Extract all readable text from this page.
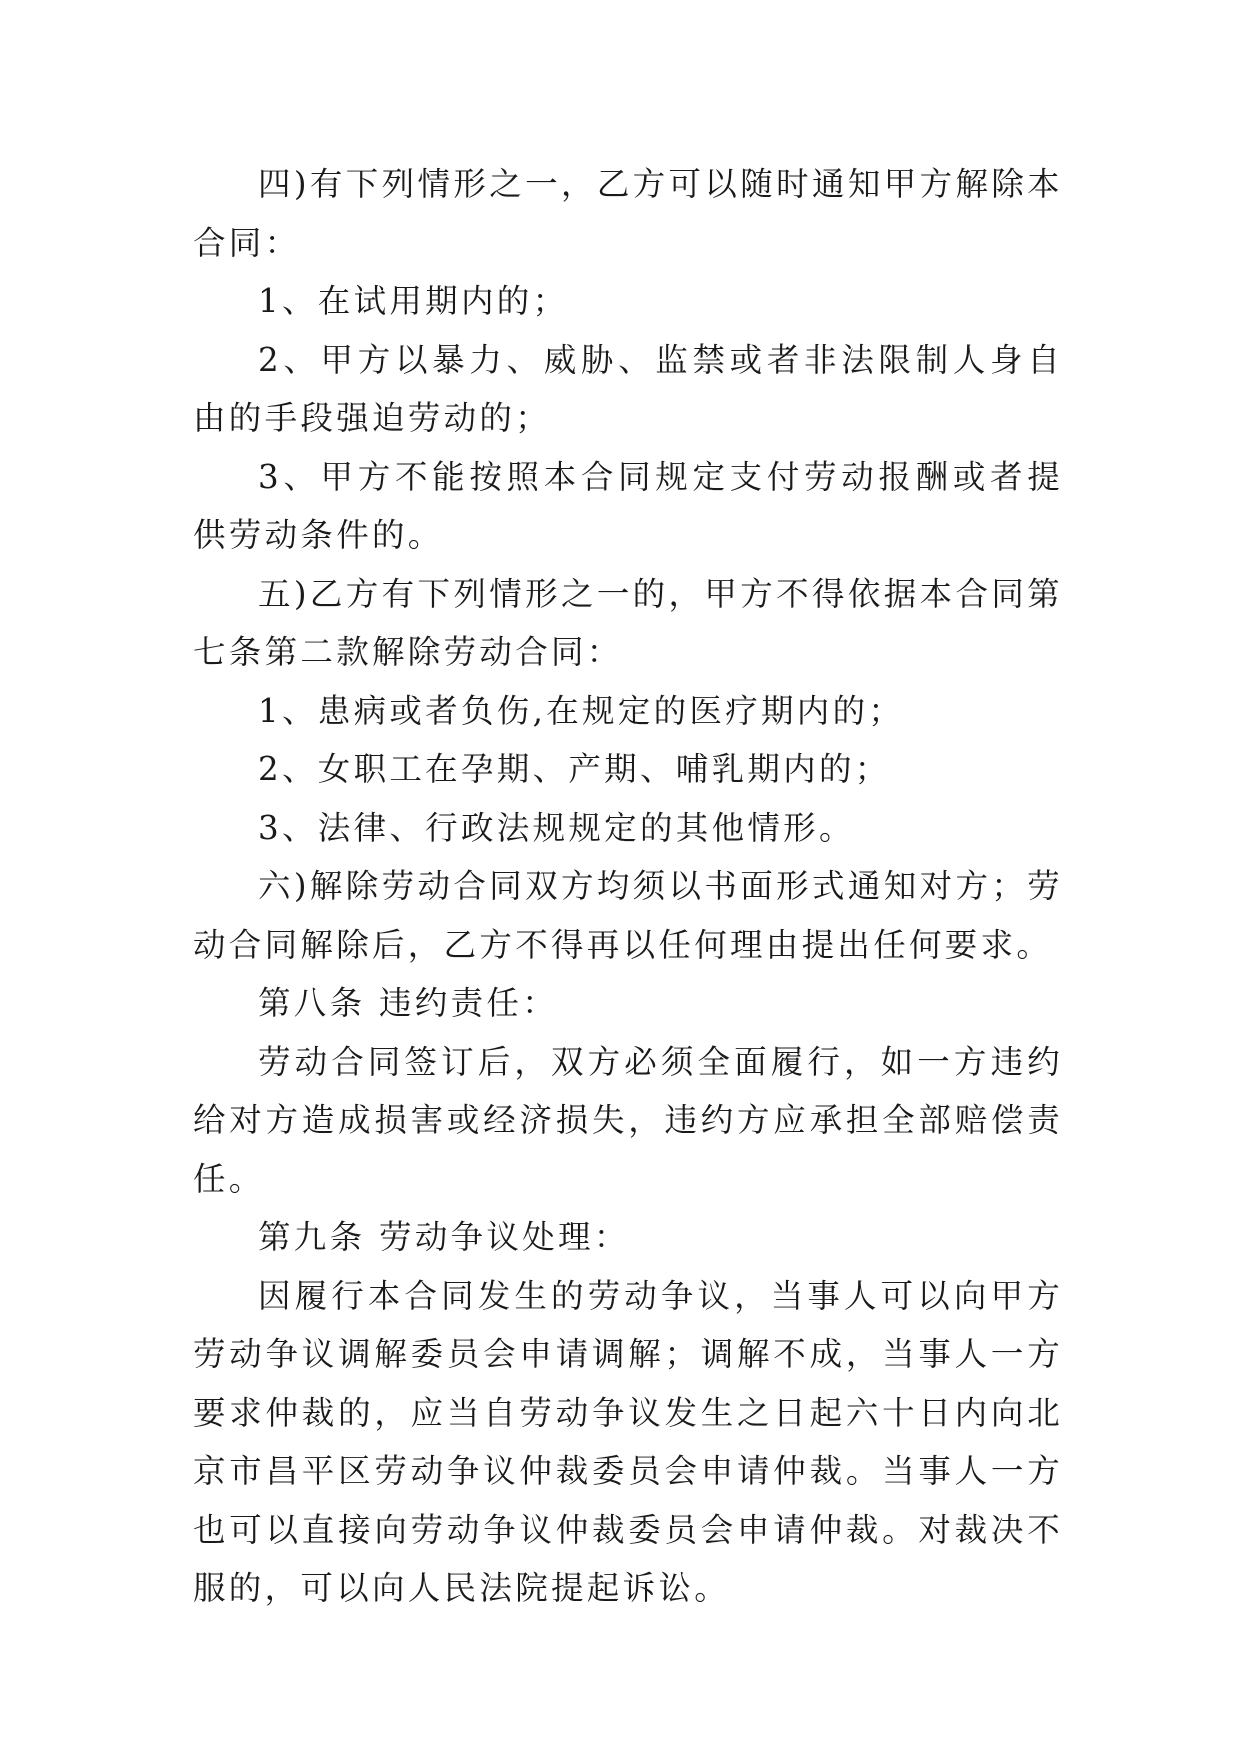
四)有下列情形之一，乙方可以随时通知甲方解除本合同：

1、在试用期内的；

2、甲方以暴力、威胁、监禁或者非法限制人身自由的手段强迫劳动的；

3、甲方不能按照本合同规定支付劳动报酬或者提供劳动条件的。

五)乙方有下列情形之一的，甲方不得依据本合同第七条第二款解除劳动合同：

1、患病或者负伤,在规定的医疗期内的；

2、女职工在孕期、产期、哺乳期内的；

3、法律、行政法规规定的其他情形。

六)解除劳动合同双方均须以书面形式通知对方；劳动合同解除后，乙方不得再以任何理由提出任何要求。

第八条 违约责任：

劳动合同签订后，双方必须全面履行，如一方违约给对方造成损害或经济损失，违约方应承担全部赔偿责任。

第九条 劳动争议处理：

因履行本合同发生的劳动争议，当事人可以向甲方劳动争议调解委员会申请调解；调解不成，当事人一方要求仲裁的，应当自劳动争议发生之日起六十日内向北京市昌平区劳动争议仲裁委员会申请仲裁。当事人一方也可以直接向劳动争议仲裁委员会申请仲裁。对裁决不服的，可以向人民法院提起诉讼。
